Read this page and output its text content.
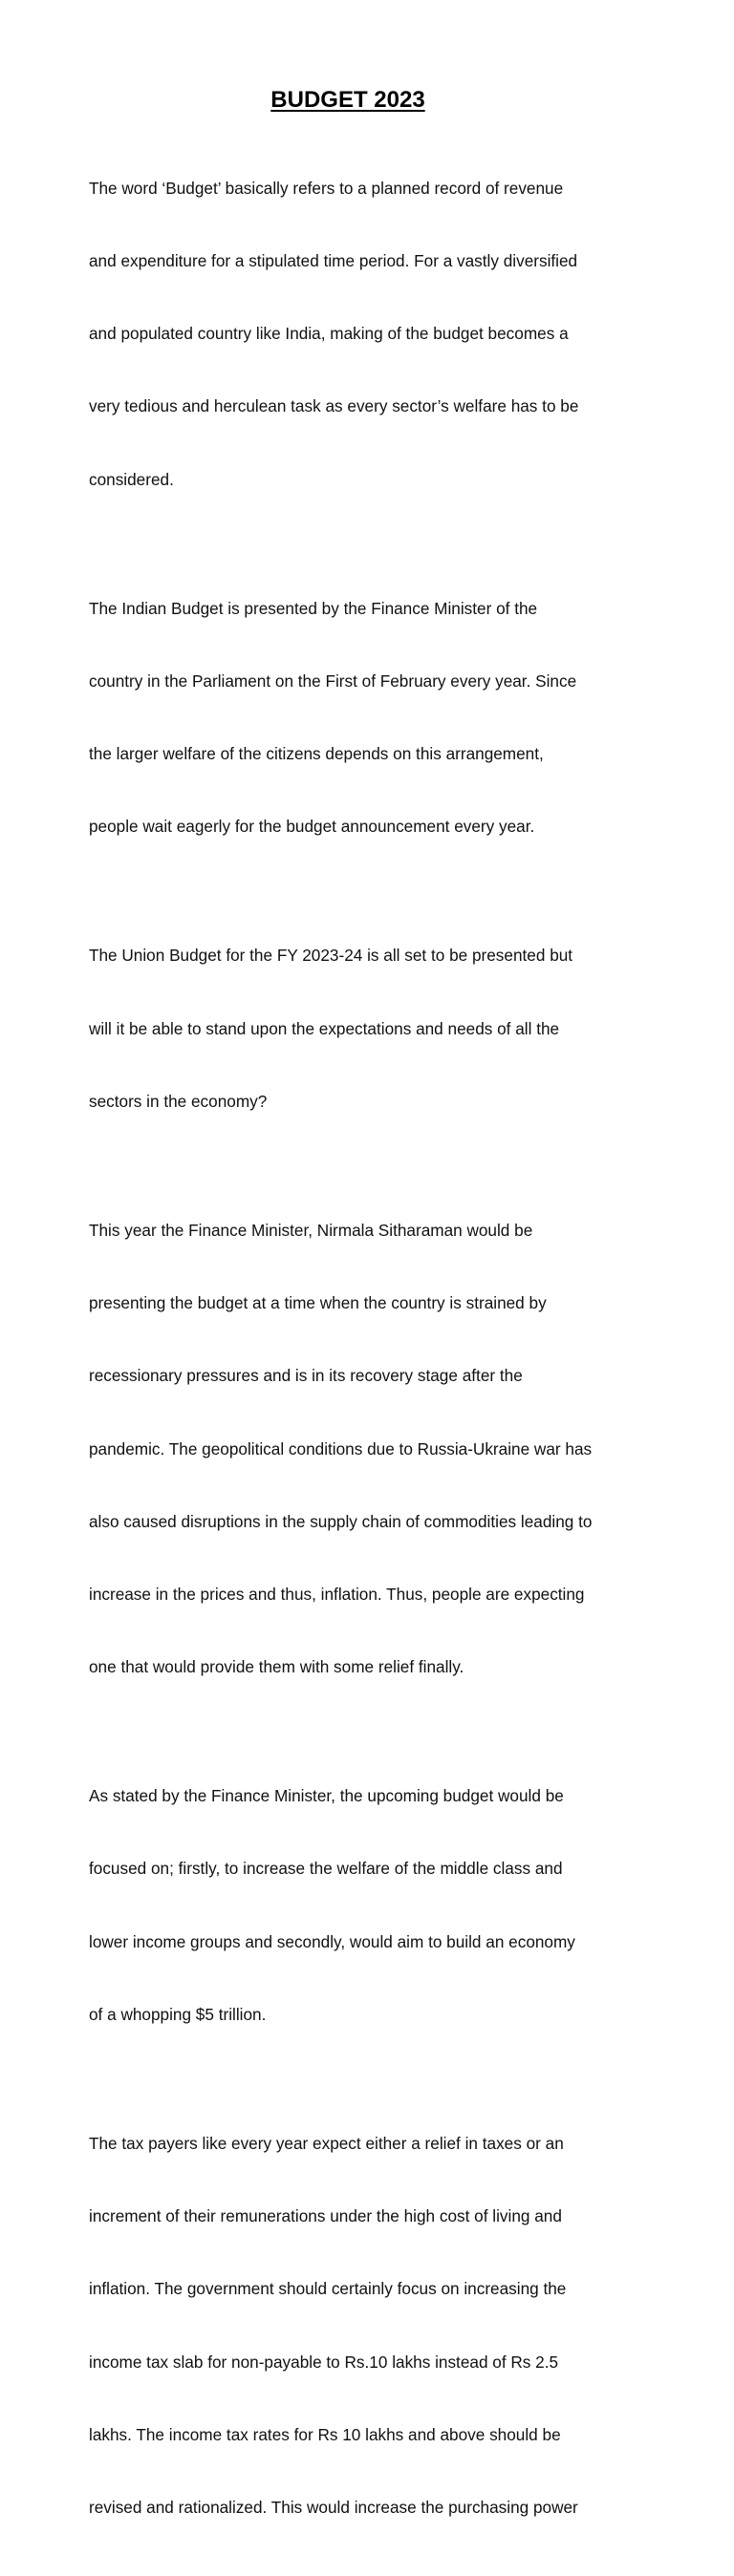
BUDGET 2023

The word ‘Budget’ basically refers to a planned record of revenue

and expenditure for a stipulated time period. For a vastly diversified

and populated country like India, making of the budget becomes a

very tedious and herculean task as every sector’s welfare has to be

considered.

The Indian Budget is presented by the Finance Minister of the

country in the Parliament on the First of February every year. Since

the larger welfare of the citizens depends on this arrangement,

people wait eagerly for the budget announcement every year.

The Union Budget for the FY 2023-24 is all set to be presented but

will it be able to stand upon the expectations and needs of all the

sectors in the economy?

This year the Finance Minister, Nirmala Sitharaman would be

presenting the budget at a time when the country is strained by

recessionary pressures and is in its recovery stage after the

pandemic. The geopolitical conditions due to Russia-Ukraine war has

also caused disruptions in the supply chain of commodities leading to

increase in the prices and thus, inflation. Thus, people are expecting

one that would provide them with some relief finally.

As stated by the Finance Minister, the upcoming budget would be

focused on; firstly, to increase the welfare of the middle class and

lower income groups and secondly, would aim to build an economy

of a whopping $5 trillion.

The tax payers like every year expect either a relief in taxes or an

increment of their remunerations under the high cost of living and

inflation. The government should certainly focus on increasing the

income tax slab for non-payable to Rs.10 lakhs instead of Rs 2.5

lakhs. The income tax rates for Rs 10 lakhs and above should be

revised and rationalized. This would increase the purchasing power
